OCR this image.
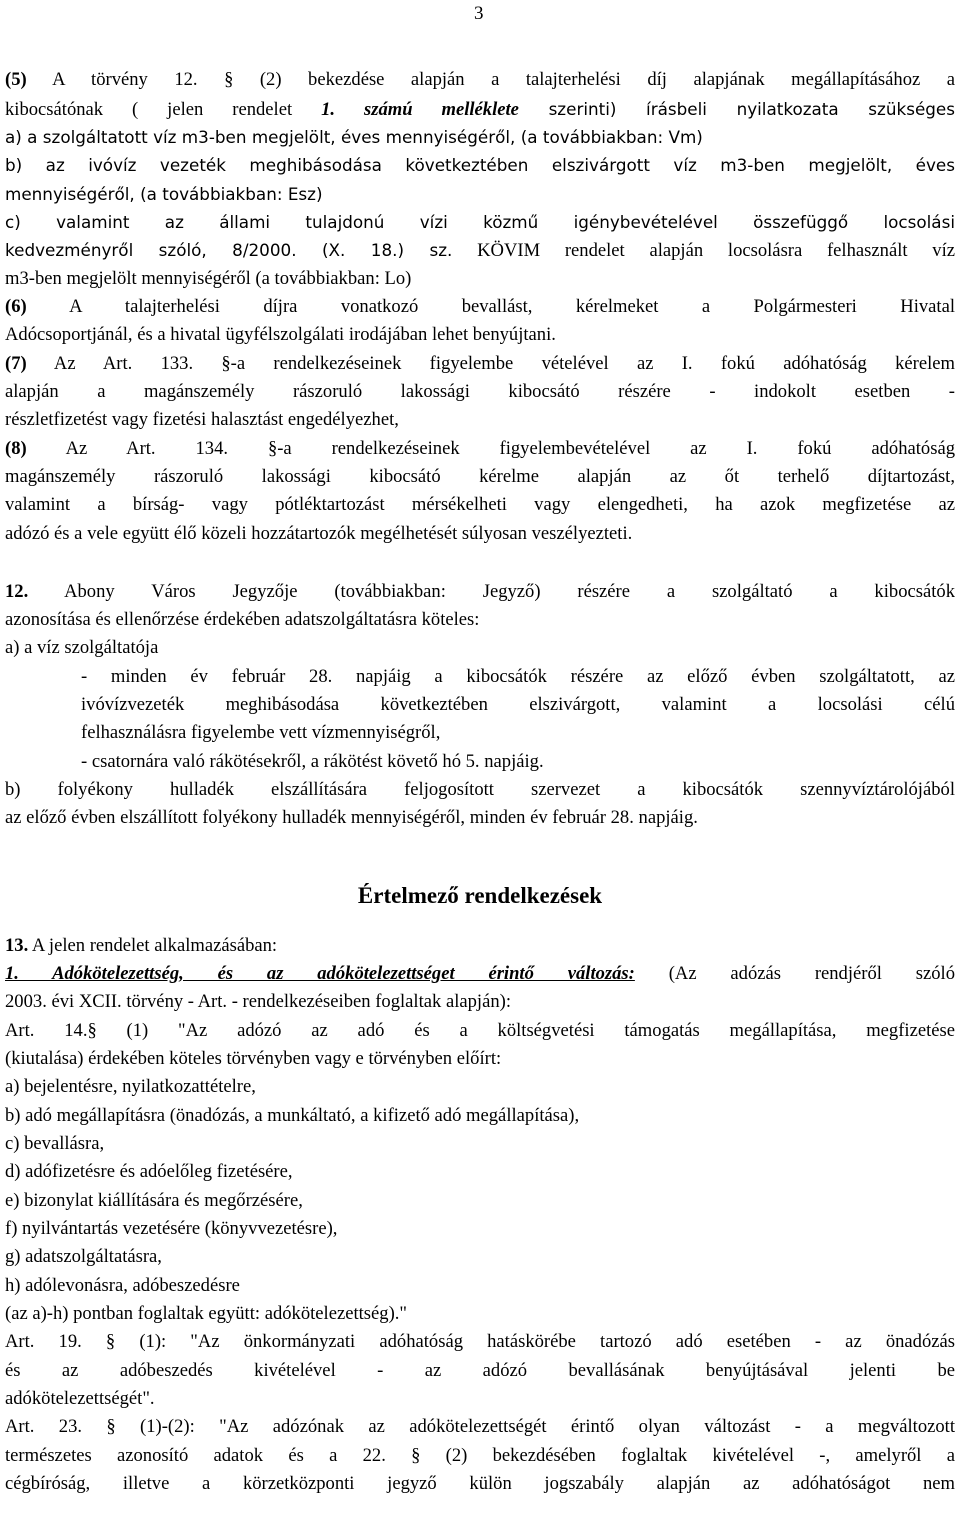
3
(5) A törvény 12. § (2) bekezdése alapján a talajterhelési díj alapjának megállapításához a
kibocsátónak ( jelen rendelet 1. számú melléklete szerinti) írásbeli nyilatkozata szükséges
a) a szolgáltatott víz m3-ben megjelölt, éves mennyiségéről, (a továbbiakban: Vm)
b) az ivóvíz vezeték meghibásodása következtében elszivárgott víz m3-ben megjelölt, éves
mennyiségéről, (a továbbiakban: Esz)
c) valamint az állami tulajdonú vízi közmű igénybevételével összefüggő locsolási
kedvezményről szóló, 8/2000. (X. 18.) sz. KÖVIM rendelet alapján locsolásra felhasznált víz
m3-ben megjelölt mennyiségéről (a továbbiakban: Lo)
(6) A talajterhelési díjra vonatkozó bevallást, kérelmeket a Polgármesteri Hivatal
Adócsoportjánál, és a hivatal ügyfélszolgálati irodájában lehet benyújtani.
(7) Az Art. 133. §-a rendelkezéseinek figyelembe vételével az I. fokú adóhatóság kérelem
alapján a magánszemély rászoruló lakossági kibocsátó részére - indokolt esetben -
részletfizetést vagy fizetési halasztást engedélyezhet,
(8) Az Art. 134. §-a rendelkezéseinek figyelembevételével az I. fokú adóhatóság
magánszemély rászoruló lakossági kibocsátó kérelme alapján az őt terhelő díjtartozást,
valamint a bírság- vagy pótléktartozást mérsékelheti vagy elengedheti, ha azok megfizetése az
adózó és a vele együtt élő közeli hozzátartozók megélhetését súlyosan veszélyezteti.
12. Abony Város Jegyzője (továbbiakban: Jegyző) részére a szolgáltató a kibocsátók
azonosítása és ellenőrzése érdekében adatszolgáltatásra köteles:
a) a víz szolgáltatója
- minden év február 28. napjáig a kibocsátók részére az előző évben szolgáltatott, az
ivóvízvezeték meghibásodása következtében elszivárgott, valamint a locsolási célú
felhasználásra figyelembe vett vízmennyiségről,
- csatornára való rákötésekről, a rákötést követő hó 5. napjáig.
b) folyékony hulladék elszállítására feljogosított szervezet a kibocsátók szennyvíztárolójából
az előző évben elszállított folyékony hulladék mennyiségéről, minden év február 28. napjáig.
Értelmező rendelkezések
13. A jelen rendelet alkalmazásában:
1. Adókötelezettség, és az adókötelezettséget érintő változás: (Az adózás rendjéről szóló
2003. évi XCII. törvény - Art. - rendelkezéseiben foglaltak alapján):
Art. 14.§ (1) "Az adózó az adó és a költségvetési támogatás megállapítása, megfizetése
(kiutalása) érdekében köteles törvényben vagy e törvényben előírt:
a) bejelentésre, nyilatkozattételre,
b) adó megállapításra (önadózás, a munkáltató, a kifizető adó megállapítása),
c) bevallásra,
d) adófizetésre és adóelőleg fizetésére,
e) bizonylat kiállítására és megőrzésére,
f) nyilvántartás vezetésére (könyvvezetésre),
g) adatszolgáltatásra,
h) adólevonásra, adóbeszedésre
(az a)-h) pontban foglaltak együtt: adókötelezettség)."
Art. 19. § (1): "Az önkormányzati adóhatóság hatáskörébe tartozó adó esetében - az önadózás
és az adóbeszedés kivételével - az adózó bevallásának benyújtásával jelenti be
adókötelezettségét".
Art. 23. § (1)-(2): "Az adózónak az adókötelezettségét érintő olyan változást - a megváltozott
természetes azonosító adatok és a 22. § (2) bekezdésében foglaltak kivételével -, amelyről a
cégbíróság, illetve a körzetközponti jegyző külön jogszabály alapján az adóhatóságot nem
